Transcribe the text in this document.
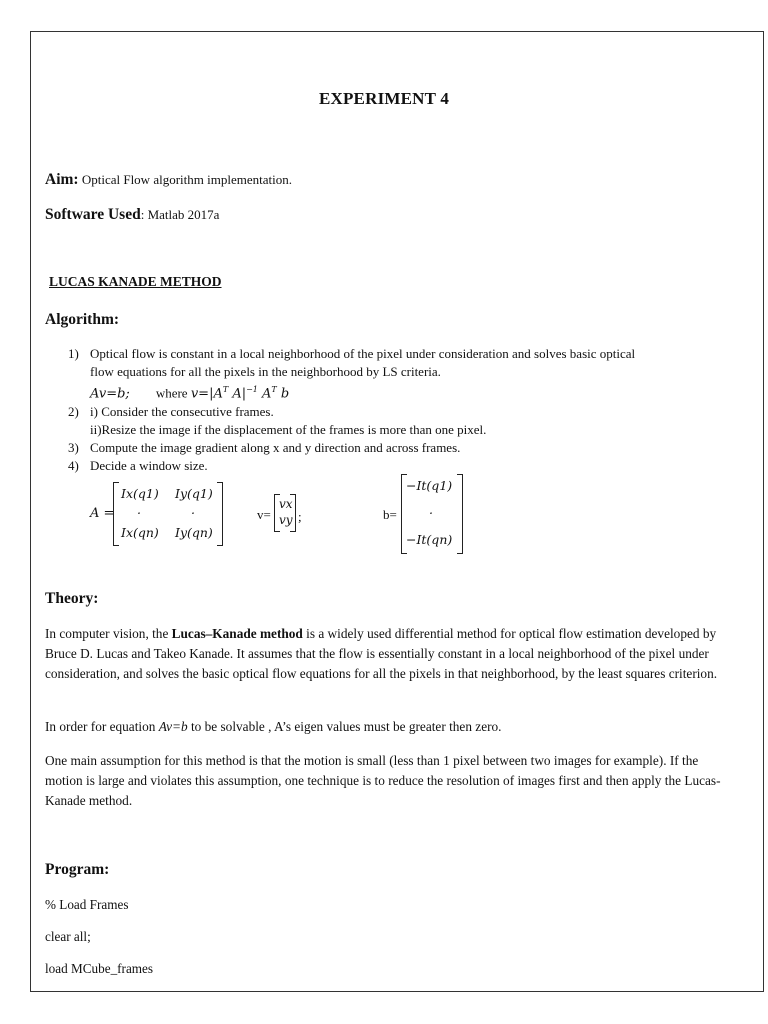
EXPERIMENT 4
Aim: Optical Flow algorithm implementation.
Software Used: Matlab 2017a
LUCAS KANADE METHOD
Algorithm:
1) Optical flow is constant in a local neighborhood of the pixel under consideration and solves basic optical
flow equations for all the pixels in the neighborhood by LS criteria.
Av=b; where $v=|A^T$ $A|^{-1}$ $A^T$ b
2) i) Consider the consecutive frames.
ii)Resize the image if the displacement of the frames is more than one pixel.
3) Compute the image gradient along x and y direction and across frames.
4) Decide a window size.
A =
Ix(q1) Iy(q1)
.	.
Ix(qn) Iy(qn)
v=
vx
vy ;	b=
−It(q1)
.
−It(qn)
Theory:
In computer vision, the Lucas–Kanade method is a widely used differential method for optical flow estimation developed by Bruce D. Lucas and Takeo Kanade. It assumes that the flow is essentially constant in a local neighborhood of the pixel under consideration, and solves the basic optical flow equations for all the pixels in that neighborhood, by the least squares criterion.
In order for equation Av=b to be solvable , A’s eigen values must be greater then zero.
One main assumption for this method is that the motion is small (less than 1 pixel between two images for example). If the motion is large and violates this assumption, one technique is to reduce the resolution of images first and then apply the Lucas-Kanade method.
Program:
% Load Frames
clear all;
load MCube_frames
